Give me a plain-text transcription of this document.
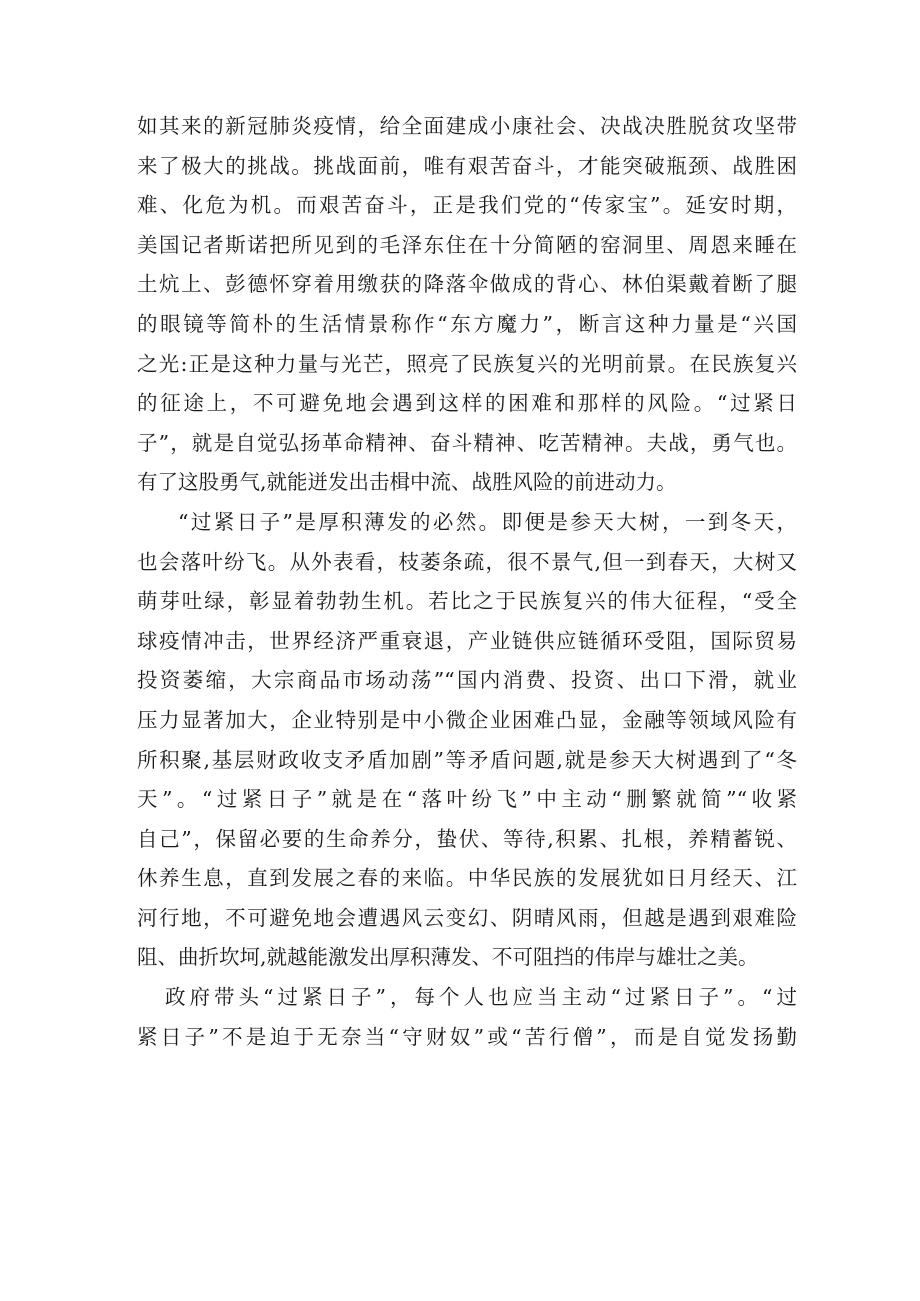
如其来的新冠肺炎疫情，给全面建成小康社会、决战决胜脱贫攻坚带
来了极大的挑战。挑战面前，唯有艰苦奋斗，才能突破瓶颈、战胜困
难、化危为机。而艰苦奋斗，正是我们党的“传家宝”。延安时期，
美国记者斯诺把所见到的毛泽东住在十分简陋的窑洞里、周恩来睡在
土炕上、彭德怀穿着用缴获的降落伞做成的背心、林伯渠戴着断了腿
的眼镜等简朴的生活情景称作“东方魔力”，断言这种力量是“兴国
之光:正是这种力量与光芒，照亮了民族复兴的光明前景。在民族复兴
的征途上，不可避免地会遇到这样的困难和那样的风险。“过紧日
子”，就是自觉弘扬革命精神、奋斗精神、吃苦精神。夫战，勇气也。
有了这股勇气,就能迸发出击楫中流、战胜风险的前进动力。
“过紧日子”是厚积薄发的必然。即便是参天大树，一到冬天，
也会落叶纷飞。从外表看，枝萎条疏，很不景气,但一到春天，大树又
萌芽吐绿，彰显着勃勃生机。若比之于民族复兴的伟大征程，“受全
球疫情冲击，世界经济严重衰退，产业链供应链循环受阻，国际贸易
投资萎缩，大宗商品市场动荡”“国内消费、投资、出口下滑，就业
压力显著加大，企业特别是中小微企业困难凸显，金融等领域风险有
所积聚,基层财政收支矛盾加剧”等矛盾问题,就是参天大树遇到了“冬
天”。“过紧日子”就是在“落叶纷飞”中主动“删繁就简”“收紧
自己”，保留必要的生命养分，蛰伏、等待,积累、扎根，养精蓄锐、
休养生息，直到发展之春的来临。中华民族的发展犹如日月经天、江
河行地，不可避免地会遭遇风云变幻、阴晴风雨，但越是遇到艰难险
阻、曲折坎坷,就越能激发出厚积薄发、不可阻挡的伟岸与雄壮之美。
政府带头“过紧日子”，每个人也应当主动“过紧日子”。“过
紧日子”不是迫于无奈当“守财奴”或“苦行僧”，而是自觉发扬勤
